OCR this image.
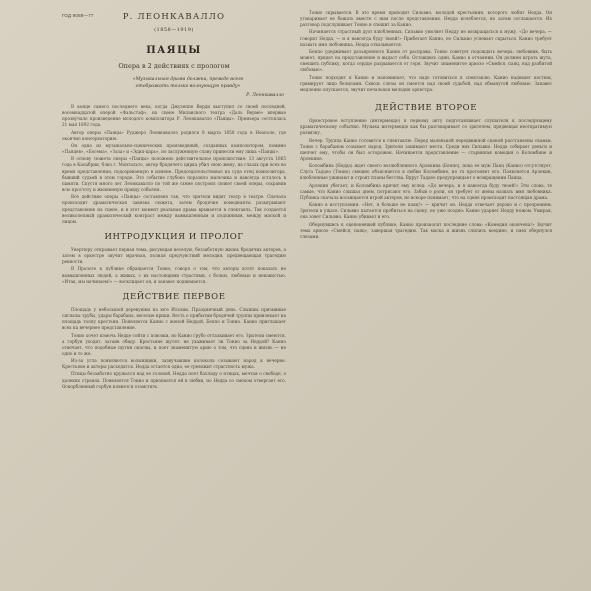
ГОД 9089—77	Р. ЛЕОНКАВАЛЛО
(1858—1919)
ПАЯЦЫ
Опера в 2 действиях с прологом
«Музыкальная драма должна, прежде всего отображать только волнующую правду»
Р. Леонкавалло

В конце самого последнего века, когда Джузеппе Верди выступил со своей последней, восемнадцатой оперой «Фальстаф», на сцене Миланского театра «Даль Верме» впервые прозвучало произведение молодого композитора Р. Леонкавалло «Паяцы». Премьера состоялась 21 мая 1892 года.

Автор оперы «Паяцы» Руджеро Леонкавалло родился 8 марта 1858 года в Неаполе, где окончил консерваторию.

Он одна из музыкально-сценических произведений, созданных композитором, помимо «Паяцев», «Богема», «Заза» и «Эдип-царь», но заслуженную славу принесли ему лишь «Паяцы».

В основу сюжета оперы «Паяцы» положено действительное происшествие: 13 августа 1865 года в Калабрии, близ г. Монтальто, актер бродячего цирка убил свою жену, на глазах при всех во время представления, подозреваемую в измене. Председательствовал на суде отец композитора, бывший судьей в этом городе. Это событие глубоко поразило мальчика и навсегда осталось в памяти. Спустя много лет Леонкавалло по той же схеме построил сюжет своей оперы, сохранив всю простоту и жизненную правду события.

Все действие оперы «Паяцы» составлено так, что зрители видят театр в театре. Сначала происходит драматическая завязка сюжета, затем бродячие комедианты разыгрывают представление на сцене, и в этот момент реальная драма врывается в спектакль. Так создается великолепный драматический контраст между вымышленным и подлинным, между маской и лицом.

ИНТРОДУКЦИЯ И ПРОЛОГ

Увертюру открывает первая тема, рисующая веселую, беззаботную жизнь бродячих актеров, а затем в оркестре звучит мрачная, полная предчувствий мелодия, предвещающая трагедию ревности.

В Прологе к публике обращается Тонио, говоря о том, что авторы хотят показать не вымышленных людей, а живых, с их настоящими страстями, с болью, любовью и ненавистью. «Итак, мы начинаем!» — восклицает он, и занавес поднимается.

ДЕЙСТВИЕ ПЕРВОЕ

Площадь у небольшой деревушки на юге Италии. Праздничный день. Слышны призывные сигналы трубы, удары барабана, веселые крики. Весть о прибытии бродячей труппы привлекает на площадь толпу крестьян. Появляется Канио с женой Неддой, Беппо и Тонио. Канио приглашает всех на вечернее представление.

Тонио хочет помочь Недде сойти с повозки, но Канио грубо отталкивает его. Зрители смеются, а горбун уходит, затаив обиду. Крестьяне шутят: не ухаживает ли Тонио за Неддой? Канио отвечает, что подобные шутки опасны, и поет знаменитую арию о том, что сцена и жизнь — не одно и то же.

Из-за угла появляются волынщики, зазвучавшие колокола созывают народ к вечерне. Крестьяне и актеры расходятся. Недда остается одна, ее тревожит страстность мужа.

Птицы беззаботно кружатся над ее головой. Недда поет балладу о птицах, мечтая о свободе, о далеких странах. Появляется Тонио и признается ей в любви, но Недда со смехом отвергает его. Оскорбленный горбун клянется отомстить.

Тонио скрывается. В это время приходит Сильвио, молодой крестьянин, которого любит Недда. Он уговаривает ее бежать вместе с ним после представления. Недда колеблется, но затем соглашается. Их разговор подслушивает Тонио и спешит за Канио.

Начинается страстный дуэт влюбленных. Сильвио умоляет Недду не возвращаться к мужу. «До вечера, — говорит Недда, — и я навсегда буду твоей!» Прибегает Канио, но Сильвио успевает скрыться. Канио требует назвать имя любовника, Недда отказывается.

Беппо удерживает разъяренного Канио от расправы. Тонио советует подождать вечера: любовник, быть может, придет на представление и выдаст себя. Оставшись один, Канио в отчаянии. Он должен играть шута, смешить публику, когда сердце разрывается от горя. Звучит знаменитое ариозо «Смейся, паяц, над разбитой любовью».

Тонио подходит к Канио и напоминает, что надо готовиться к спектаклю. Канио надевает костюм, гримирует лицо белилами. Сквозь слезы он смеется над своей судьбой, над обманутой любовью. Занавес медленно опускается, звучит печальная мелодия оркестра.

ДЕЙСТВИЕ ВТОРОЕ

Оркестровое вступление (интермеццо) к первому акту подготавливает слушателя к последующему драматическому событию. Музыка интермеццо как бы разговаривает со зрителем, предвещая неотвратимую развязку.

Вечер. Труппа Канио готовится к спектаклю. Перед маленькой передвижной сценой расставлены скамьи. Тонио с барабаном созывает народ. Зрители занимают места. Среди них Сильвио. Недда собирает деньги и шепчет ему, чтобы он был осторожен. Начинается представление — старинная комедия о Коломбине и Арлекине.

Коломбина (Недда) ждет своего возлюбленного Арлекина (Беппо), пока ее муж Паяц (Канио) отсутствует. Слуга Таддео (Тонио) смешно объясняется в любви Коломбине, но та прогоняет его. Появляется Арлекин, влюбленные ужинают и строят планы бегства. Вдруг Таддео предупреждает о возвращении Паяца.

Арлекин убегает, и Коломбина кричит ему вслед: «До вечера, и я навсегда буду твоей!» Эти слова, те самые, что Канио слышал днем, потрясают его. Забыв о роли, он требует от жены назвать имя любовника. Публика сначала восхищается игрой актеров, но вскоре понимает, что на сцене происходит настоящая драма.

Канио в исступлении. «Нет, я больше не паяц!» — кричит он. Недда отвечает дерзко и с презрением. Зрители в ужасе. Сильвио пытается пробиться на сцену, но уже поздно: Канио ударяет Недду ножом. Умирая, она зовет Сильвио. Канио убивает и его.

Обернувшись к оцепеневшей публике, Канио произносит последние слова: «Комедия окончена!» Звучит тема ариозо «Смейся, паяц», завершая трагедию. Так маска и жизнь слились воедино, и смех обернулся слезами.
